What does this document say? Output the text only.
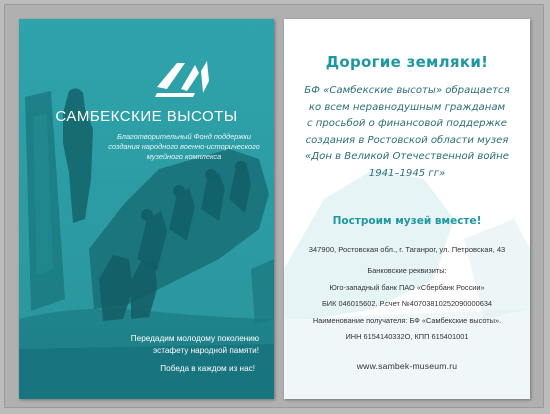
САМБЕКСКИЕ ВЫСОТЫ
Благотворительный Фонд поддержки
создания народного военно-исторического
музейного комплекса
Передадим молодому поколению
эстафету народной памяти!
Победа в каждом из нас!
Дорогие земляки!
БФ «Самбекские высоты» обращается
ко всем неравнодушным гражданам
с просьбой о финансовой поддержке
создания в Ростовской области музея
«Дон в Великой Отечественной войне
1941–1945 гг»
Построим музей вместе!
347900, Ростовская обл., г. Таганрог, ул. Петровская, 43
Банковские реквизиты:
Юго-западный банк ПАО «Сбербанк России»
БИК 046015602. Р.счет №40703810252090000634
Наименование получателя: БФ «Самбекские высоты».
ИНН 6154140332О, КПП 615401001
www.sambek-museum.ru
